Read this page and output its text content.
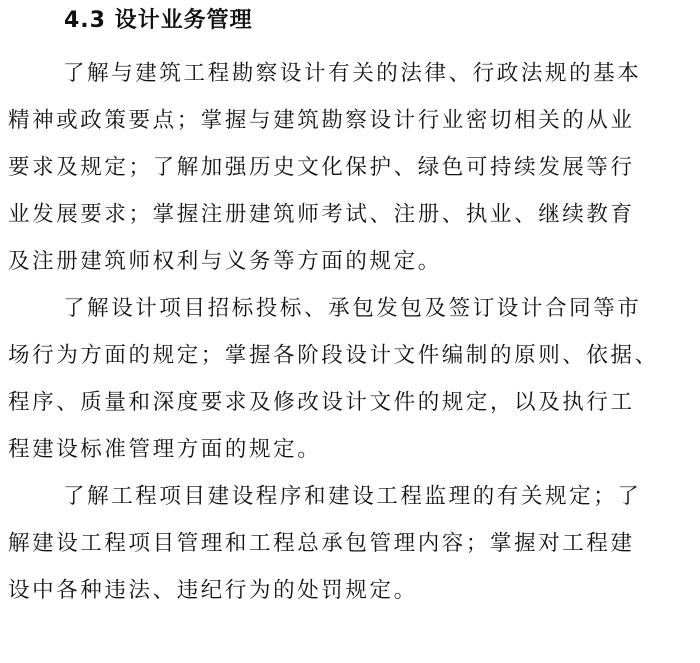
4.3 设计业务管理
了解与建筑工程勘察设计有关的法律、行政法规的基本
精神或政策要点；掌握与建筑勘察设计行业密切相关的从业
要求及规定；了解加强历史文化保护、绿色可持续发展等行
业发展要求；掌握注册建筑师考试、注册、执业、继续教育
及注册建筑师权利与义务等方面的规定。
了解设计项目招标投标、承包发包及签订设计合同等市
场行为方面的规定；掌握各阶段设计文件编制的原则、依据、
程序、质量和深度要求及修改设计文件的规定，以及执行工
程建设标准管理方面的规定。
了解工程项目建设程序和建设工程监理的有关规定；了
解建设工程项目管理和工程总承包管理内容；掌握对工程建
设中各种违法、违纪行为的处罚规定。
